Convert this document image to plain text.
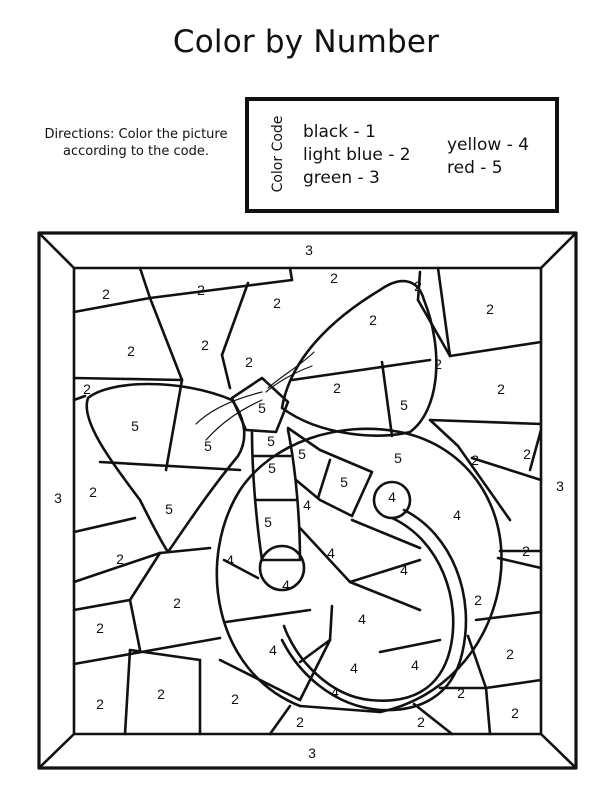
Color by Number
Directions: Color the picture according to the code.	Color Code black - 1
light blue - 2
green - 3
yellow - 4
red - 5
3
3
3
3
2	2
2
2	2
2
2	2
2	2
2	2
2
2	2
2	2
2	2
2
2
2
2
2	2
2
2	2
2
2
5	5
5
5	5
5
5
5
5
5
5
4
4
4	4
4
4
4
4
4
4
4
4
